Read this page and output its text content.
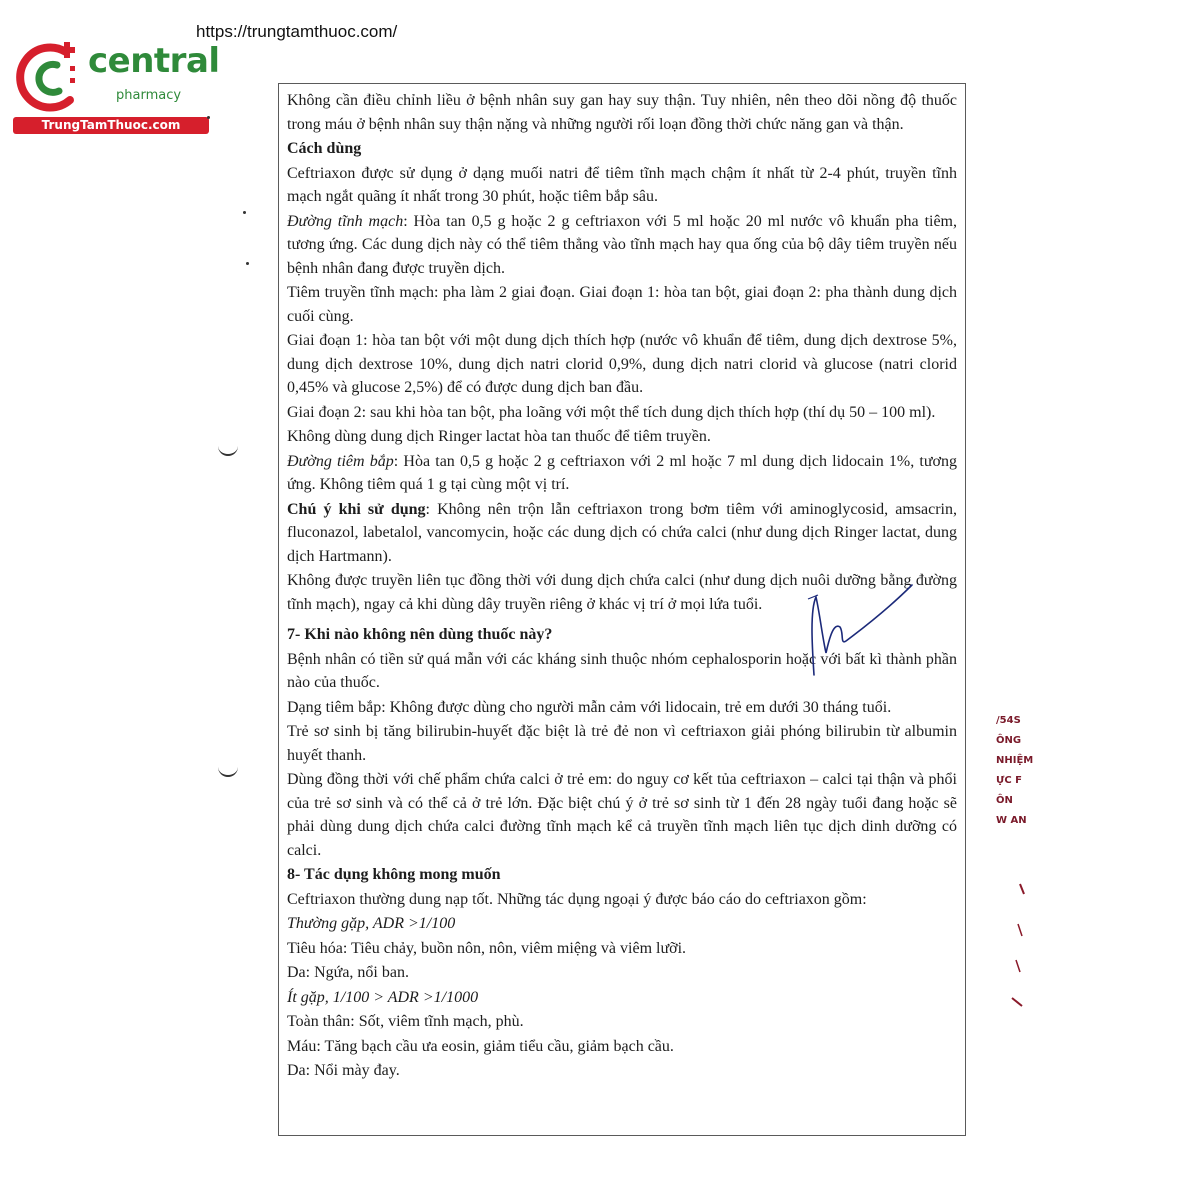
https://trungtamthuoc.com/
central
pharmacy
TrungTamThuoc.com

Không cần điều chỉnh liều ở bệnh nhân suy gan hay suy thận. Tuy nhiên, nên theo dõi nồng độ thuốc trong máu ở bệnh nhân suy thận nặng và những người rối loạn đồng thời chức năng gan và thận.

Cách dùng

Ceftriaxon được sử dụng ở dạng muối natri để tiêm tĩnh mạch chậm ít nhất từ 2-4 phút, truyền tĩnh mạch ngắt quãng ít nhất trong 30 phút, hoặc tiêm bắp sâu.

Đường tĩnh mạch: Hòa tan 0,5 g hoặc 2 g ceftriaxon với 5 ml hoặc 20 ml nước vô khuẩn pha tiêm, tương ứng. Các dung dịch này có thể tiêm thẳng vào tĩnh mạch hay qua ống của bộ dây tiêm truyền nếu bệnh nhân đang được truyền dịch.

Tiêm truyền tĩnh mạch: pha làm 2 giai đoạn. Giai đoạn 1: hòa tan bột, giai đoạn 2: pha thành dung dịch cuối cùng.

Giai đoạn 1: hòa tan bột với một dung dịch thích hợp (nước vô khuẩn để tiêm, dung dịch dextrose 5%, dung dịch dextrose 10%, dung dịch natri clorid 0,9%, dung dịch natri clorid và glucose (natri clorid 0,45% và glucose 2,5%) để có được dung dịch ban đầu.

Giai đoạn 2: sau khi hòa tan bột, pha loãng với một thể tích dung dịch thích hợp (thí dụ 50 – 100 ml).

Không dùng dung dịch Ringer lactat hòa tan thuốc để tiêm truyền.

Đường tiêm bắp: Hòa tan 0,5 g hoặc 2 g ceftriaxon với 2 ml hoặc 7 ml dung dịch lidocain 1%, tương ứng. Không tiêm quá 1 g tại cùng một vị trí.

Chú ý khi sử dụng: Không nên trộn lẫn ceftriaxon trong bơm tiêm với aminoglycosid, amsacrin, fluconazol, labetalol, vancomycin, hoặc các dung dịch có chứa calci (như dung dịch Ringer lactat, dung dịch Hartmann).

Không được truyền liên tục đồng thời với dung dịch chứa calci (như dung dịch nuôi dưỡng bằng đường tĩnh mạch), ngay cả khi dùng dây truyền riêng ở khác vị trí ở mọi lứa tuổi.

7- Khi nào không nên dùng thuốc này?

Bệnh nhân có tiền sử quá mẫn với các kháng sinh thuộc nhóm cephalosporin hoặc với bất kì thành phần nào của thuốc.

Dạng tiêm bắp: Không được dùng cho người mẫn cảm với lidocain, trẻ em dưới 30 tháng tuổi.

Trẻ sơ sinh bị tăng bilirubin-huyết đặc biệt là trẻ đẻ non vì ceftriaxon giải phóng bilirubin từ albumin huyết thanh.

Dùng đồng thời với chế phẩm chứa calci ở trẻ em: do nguy cơ kết tủa ceftriaxon – calci tại thận và phổi của trẻ sơ sinh và có thể cả ở trẻ lớn. Đặc biệt chú ý ở trẻ sơ sinh từ 1 đến 28 ngày tuổi đang hoặc sẽ phải dùng dung dịch chứa calci đường tĩnh mạch kể cả truyền tĩnh mạch liên tục dịch dinh dưỡng có calci.

8- Tác dụng không mong muốn

Ceftriaxon thường dung nạp tốt. Những tác dụng ngoại ý được báo cáo do ceftriaxon gồm:

Thường gặp, ADR >1/100

Tiêu hóa: Tiêu chảy, buồn nôn, nôn, viêm miệng và viêm lưỡi.

Da: Ngứa, nổi ban.

Ít gặp, 1/100 > ADR >1/1000

Toàn thân: Sốt, viêm tĩnh mạch, phù.

Máu: Tăng bạch cầu ưa eosin, giảm tiểu cầu, giảm bạch cầu.

Da: Nổi mày đay.

/54S
ÔNG
NHIỆM
ỰC F
ÔN
W AN
